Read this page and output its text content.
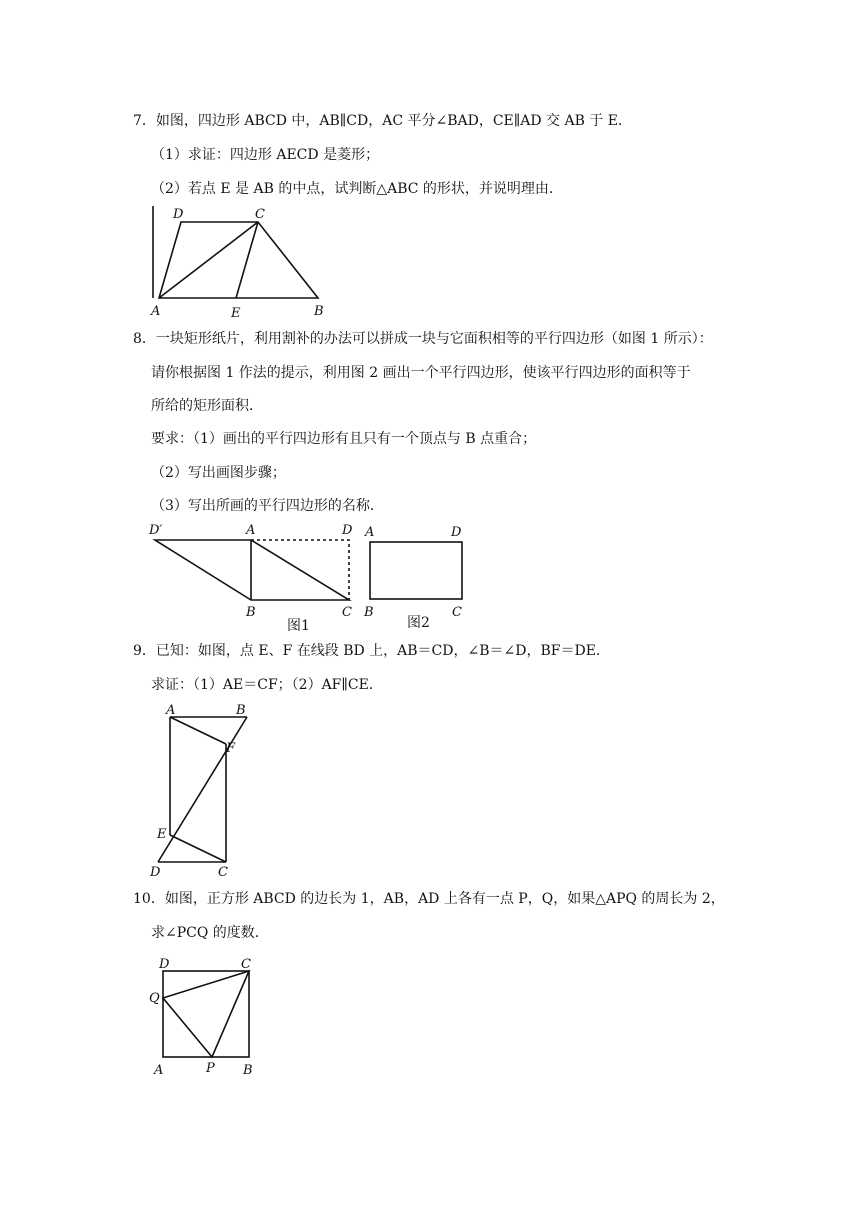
7．如图，四边形 ABCD 中，AB∥CD，AC 平分∠BAD，CE∥AD 交 AB 于 E．
（1）求证：四边形 AECD 是菱形；
（2）若点 E 是 AB 的中点，试判断△ABC 的形状，并说明理由．
D	C
A	E	B
8．一块矩形纸片，利用割补的办法可以拼成一块与它面积相等的平行四边形（如图 1 所示）：
请你根据图 1 作法的提示，利用图 2 画出一个平行四边形，使该平行四边形的面积等于
所给的矩形面积．
要求：（1）画出的平行四边形有且只有一个顶点与 B 点重合；
（2）写出画图步骤；
（3）写出所画的平行四边形的名称．
D′	A	D
B	C
图1
A	D
B	C
图2
9．已知：如图，点 E、F 在线段 BD 上，AB＝CD，∠B＝∠D，BF＝DE．
求证：（1）AE＝CF；（2）AF∥CE．
A	B
F
E
D	C
10．如图，正方形 ABCD 的边长为 1，AB，AD 上各有一点 P，Q，如果△APQ 的周长为 2，
求∠PCQ 的度数．
D	C
Q
A	P B
